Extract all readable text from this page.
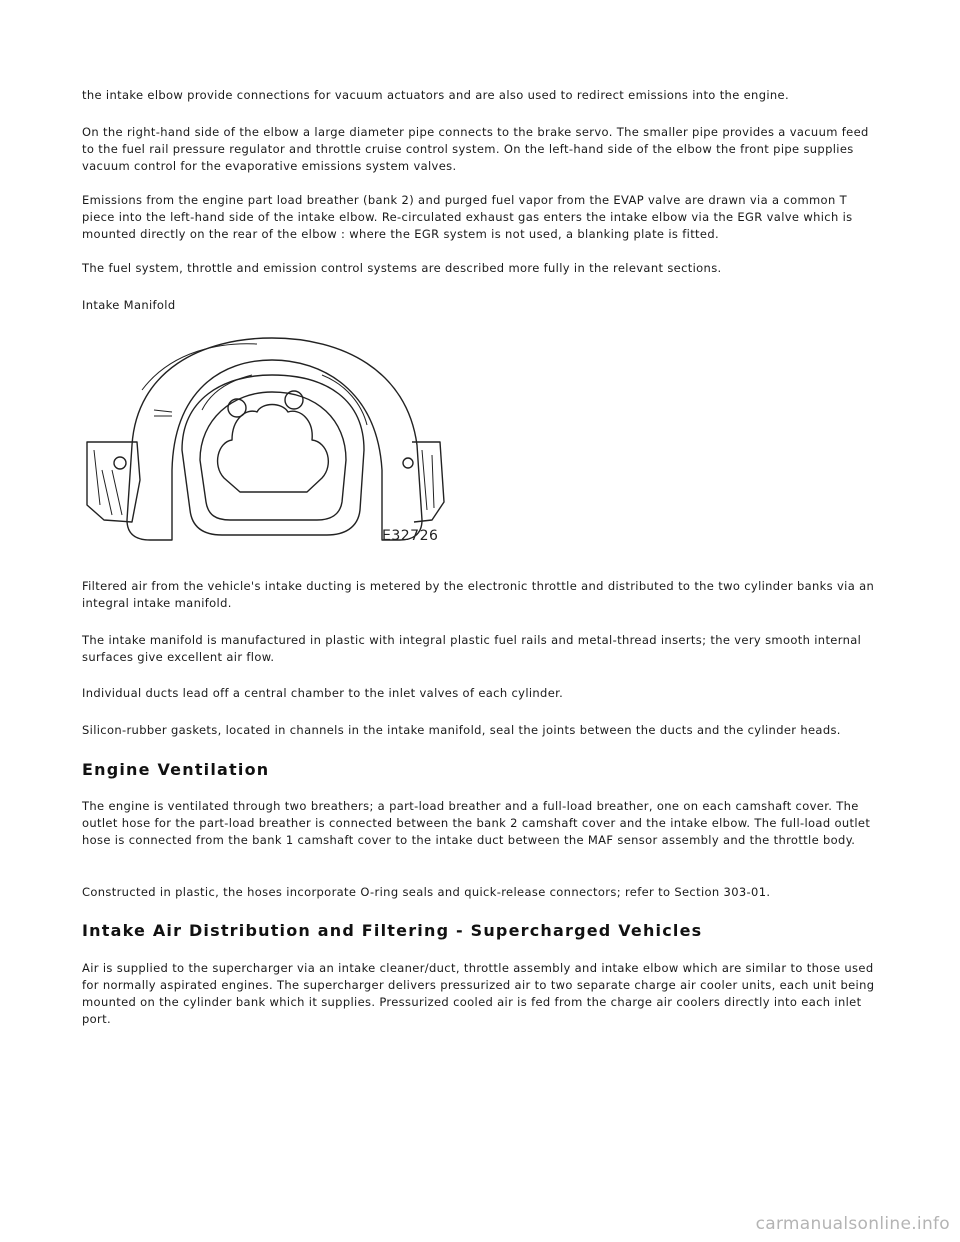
the intake elbow provide connections for vacuum actuators and are also used to redirect emissions into the engine.

On the right-hand side of the elbow a large diameter pipe connects to the brake servo. The smaller pipe provides a vacuum feed to the fuel rail pressure regulator and throttle cruise control system. On the left-hand side of the elbow the front pipe supplies vacuum control for the evaporative emissions system valves.

Emissions from the engine part load breather (bank 2) and purged fuel vapor from the EVAP valve are drawn via a common T piece into the left-hand side of the intake elbow. Re-circulated exhaust gas enters the intake elbow via the EGR valve which is mounted directly on the rear of the elbow : where the EGR system is not used, a blanking plate is fitted.

The fuel system, throttle and emission control systems are described more fully in the relevant sections.

Intake Manifold

E32726

Filtered air from the vehicle's intake ducting is metered by the electronic throttle and distributed to the two cylinder banks via an integral intake manifold.

The intake manifold is manufactured in plastic with integral plastic fuel rails and metal-thread inserts; the very smooth internal surfaces give excellent air flow.

Individual ducts lead off a central chamber to the inlet valves of each cylinder.

Silicon-rubber gaskets, located in channels in the intake manifold, seal the joints between the ducts and the cylinder heads.

Engine Ventilation

The engine is ventilated through two breathers; a part-load breather and a full-load breather, one on each camshaft cover. The outlet hose for the part-load breather is connected between the bank 2 camshaft cover and the intake elbow. The full-load outlet hose is connected from the bank 1 camshaft cover to the intake duct between the MAF sensor assembly and the throttle body.

Constructed in plastic, the hoses incorporate O-ring seals and quick-release connectors; refer to Section 303-01.

Intake Air Distribution and Filtering - Supercharged Vehicles

Air is supplied to the supercharger via an intake cleaner/duct, throttle assembly and intake elbow which are similar to those used for normally aspirated engines. The supercharger delivers pressurized air to two separate charge air cooler units, each unit being mounted on the cylinder bank which it supplies. Pressurized cooled air is fed from the charge air coolers directly into each inlet port.

carmanualsonline.info
